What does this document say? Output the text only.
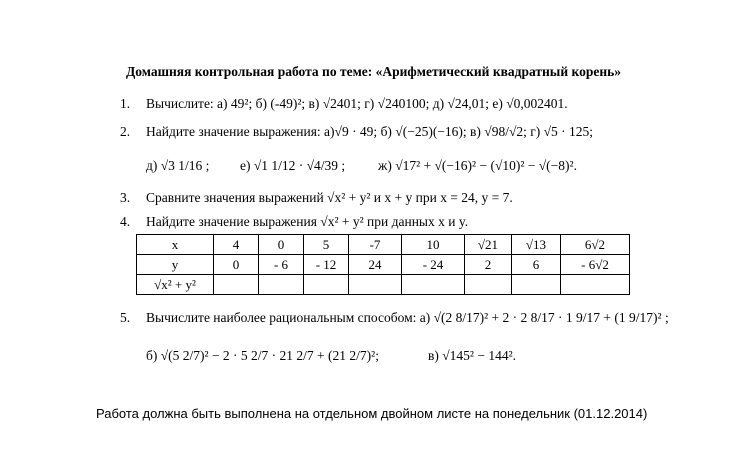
Домашняя контрольная работа по теме: «Арифметический квадратный корень»
1. Вычислите: а) 49²; б) (-49)²; в) √2401; г) √240100; д) √24,01; е) √0,002401.
2. Найдите значение выражения: а)√9 · 49; б) √(−25)(−16); в) √98/√2; г) √5 · 125;
д) √3 1/16 ; е) √1 1/12 · √4/39 ; ж) √17² + √(−16)² − (√10)² − √(−8)².
3. Сравните значения выражений √x² + y² и x + y при x = 24, y = 7.
4. Найдите значение выражения √x² + y² при данных x и y.
x	4	0	5	-7	10	√21	√13	6√2
y	0	- 6	- 12	24	- 24	2	6	- 6√2
√x² + y²								
5. Вычислите наиболее рациональным способом: а) √(2 8/17)² + 2 · 2 8/17 · 1 9/17 + (1 9/17)² ;
б) √(5 2/7)² − 2 · 5 2/7 · 21 2/7 + (21 2/7)²;	в) √145² − 144².
Работа должна быть выполнена на отдельном двойном листе на понедельник (01.12.2014)
